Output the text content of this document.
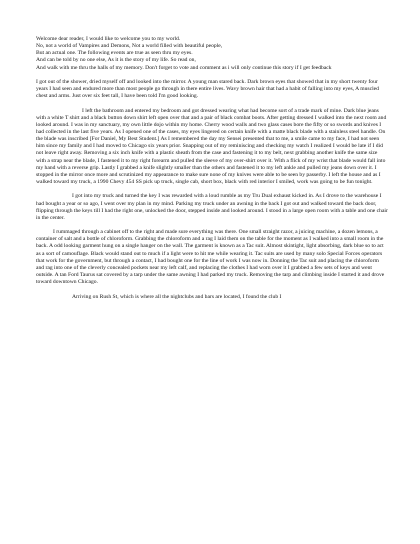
Welcome dear reader, I would like to welcome you to my world.

No, not a world of Vampires and Demons, Not a world filled with beautiful people,

But an actual one. The following events are true as seen thru my eyes.

And can be told by no one else, As it is the story of my life. So read on,

And walk with me thru the halls of my memory. Don't forget to vote and comment as i will only continue this story if I get feedback

I got out of the shower, dried myself off and looked into the mirror. A young man stared back. Dark brown eyes that showed that in my short twenty four years I had seen and endured more than most people go through in there entire lives. Wavy brown hair that had a habit of falling into my eyes, A muscled chest and arms. Just over six feet tall, I have been told I'm good looking.

I left the bathroom and entered my bedroom and got dressed wearing what had become sort of a trade mark of mine. Dark blue jeans with a white T shirt and a black button down shirt left open over that and a pair of black combat boots. After getting dressed I walked into the next room and looked around. I was in my sanctuary, my own little dojo within my home. Cherry wood walls and two glass cases bore the fifty or so swords and knives I had collected in the last five years. As I opened one of the cases, my eyes lingered on certain knife with a matte black blade with a stainless steel handle. On the blade was inscribed [For Daniel, My Best Student.] As I remembered the day my Sensei presented that to me, a smile came to my face, I had not seen him since my family and I had moved to Chicago six years prior. Snapping out of my reminiscing and checking my watch I realized I would be late if I did not leave right away. Removing a six inch knife with a plastic sheath from the case and fastening it to my belt, next grabbing another knife the same size with a strap near the blade, I fastened it to my right forearm and pulled the sleeve of my over-shirt over it. With a flick of my wrist that blade would fall into my hand with a reverse grip. Lastly I grabbed a knife slightly smaller than the others and fastened it to my left ankle and pulled my jeans down over it. I stopped in the mirror once more and scrutinized my appearance to make sure none of my knives were able to be seen by passerby. I left the house and as I walked toward my truck, a 1990 Chevy 454 SS pick up truck, single cab, short box, black with red interior I smiled, work was going to be fun tonight.

I got into my truck and turned the key I was rewarded with a loud rumble as my Tru Dual exhaust kicked in. As I drove to the warehouse I had bought a year or so ago, I went over my plan in my mind. Parking my truck under an awning in the back I got out and walked toward the back door, flipping through the keys till I had the right one, unlocked the door, stepped inside and looked around. I stood in a large open room with a table and one chair in the center.

I rummaged through a cabinet off to the right and made sure everything was there. One small straight razor, a juicing machine, a dozen lemons, a container of salt and a bottle of chloroform. Grabbing the chloroform and a rag I laid them on the table for the moment as I walked into a small room in the back. A odd looking garment hung on a single hanger on the wall. The garment is known as a Tac suit. Almost skintight, light absorbing, dark blue so to act as a sort of camouflage. Black would stand out to much if a light were to hit me while wearing it. Tac suits are used by many solo Special Forces operators that work for the government, but through a contact, I had bought one for the line of work I was now in. Donning the Tac suit and placing the chloroform and rag into one of the cleverly concealed pockets near my left calf, and replacing the clothes I had worn over it I grabbed a few sets of keys and went outside. A tan Ford Taurus sat covered by a tarp under the same awning I had parked my truck. Removing the tarp and climbing inside I started it and drove toward downtown Chicago.

Arriving on Rush St, which is where all the nightclubs and bars are located, I found the club I
